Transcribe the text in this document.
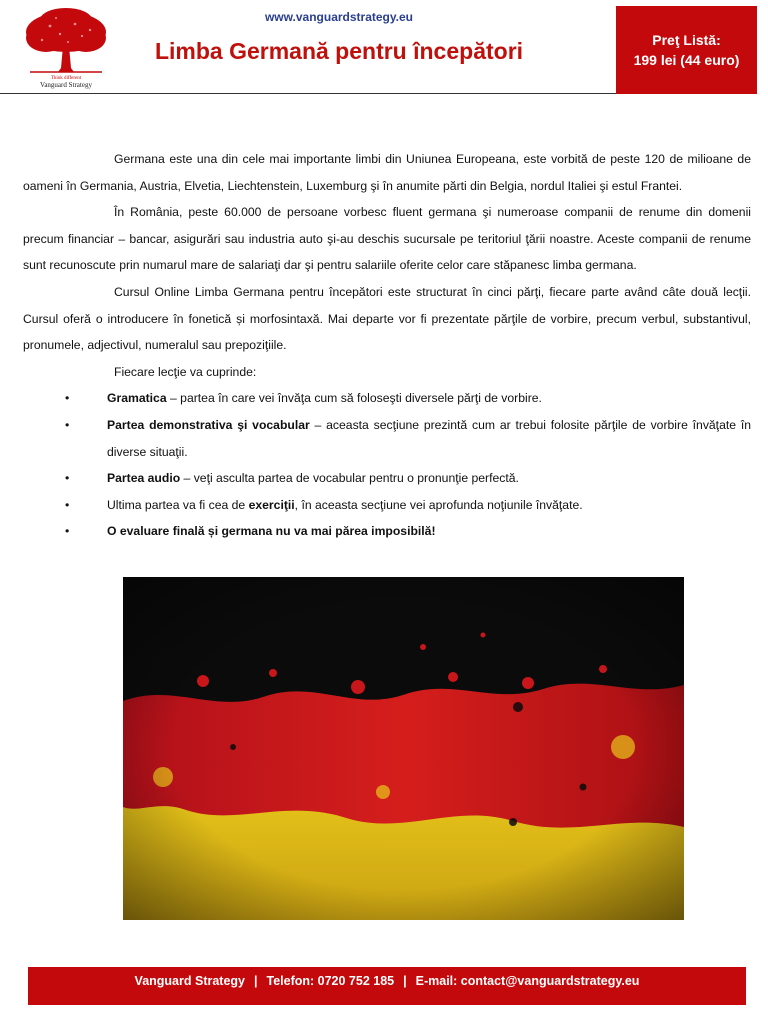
Think different
Vanguard Strategy
www.vanguardstrategy.eu
Limba Germană pentru începători	Preţ Listă:
199 lei (44 euro)

Germana este una din cele mai importante limbi din Uniunea Europeana, este vorbită de peste 120 de milioane de oameni în Germania, Austria, Elvetia, Liechtenstein, Luxemburg şi în anumite părti din Belgia, nordul Italiei şi estul Frantei.

În România, peste 60.000 de persoane vorbesc fluent germana şi numeroase companii de renume din domenii precum financiar – bancar, asigurări sau industria auto şi-au deschis sucursale pe teritoriul ţării noastre. Aceste companii de renume sunt recunoscute prin numarul mare de salariaţi dar şi pentru salariile oferite celor care stăpanesc limba germana.

Cursul Online Limba Germana pentru începători este structurat în cinci părţi, fiecare parte având câte două lecţii. Cursul oferă o introducere în fonetică și morfosintaxă. Mai departe vor fi prezentate părţile de vorbire, precum verbul, substantivul, pronumele, adjectivul, numeralul sau prepoziţiile.

Fiecare lecţie va cuprinde:

•	Gramatica – partea în care vei învăţa cum să foloseşti diversele părţi de vorbire.
•	Partea demonstrativa şi vocabular – aceasta secţiune prezintă cum ar trebui folosite părţile de vorbire învăţate în diverse situaţii.
•	Partea audio – veţi asculta partea de vocabular pentru o pronunţie perfectă.
•	Ultima partea va fi cea de exerciţii, în aceasta secţiune vei aprofunda noţiunile învăţate.
•	O evaluare finală și germana nu va mai părea imposibilă!
Vanguard Strategy | Telefon: 0720 752 185 | E-mail: contact@vanguardstrategy.eu
